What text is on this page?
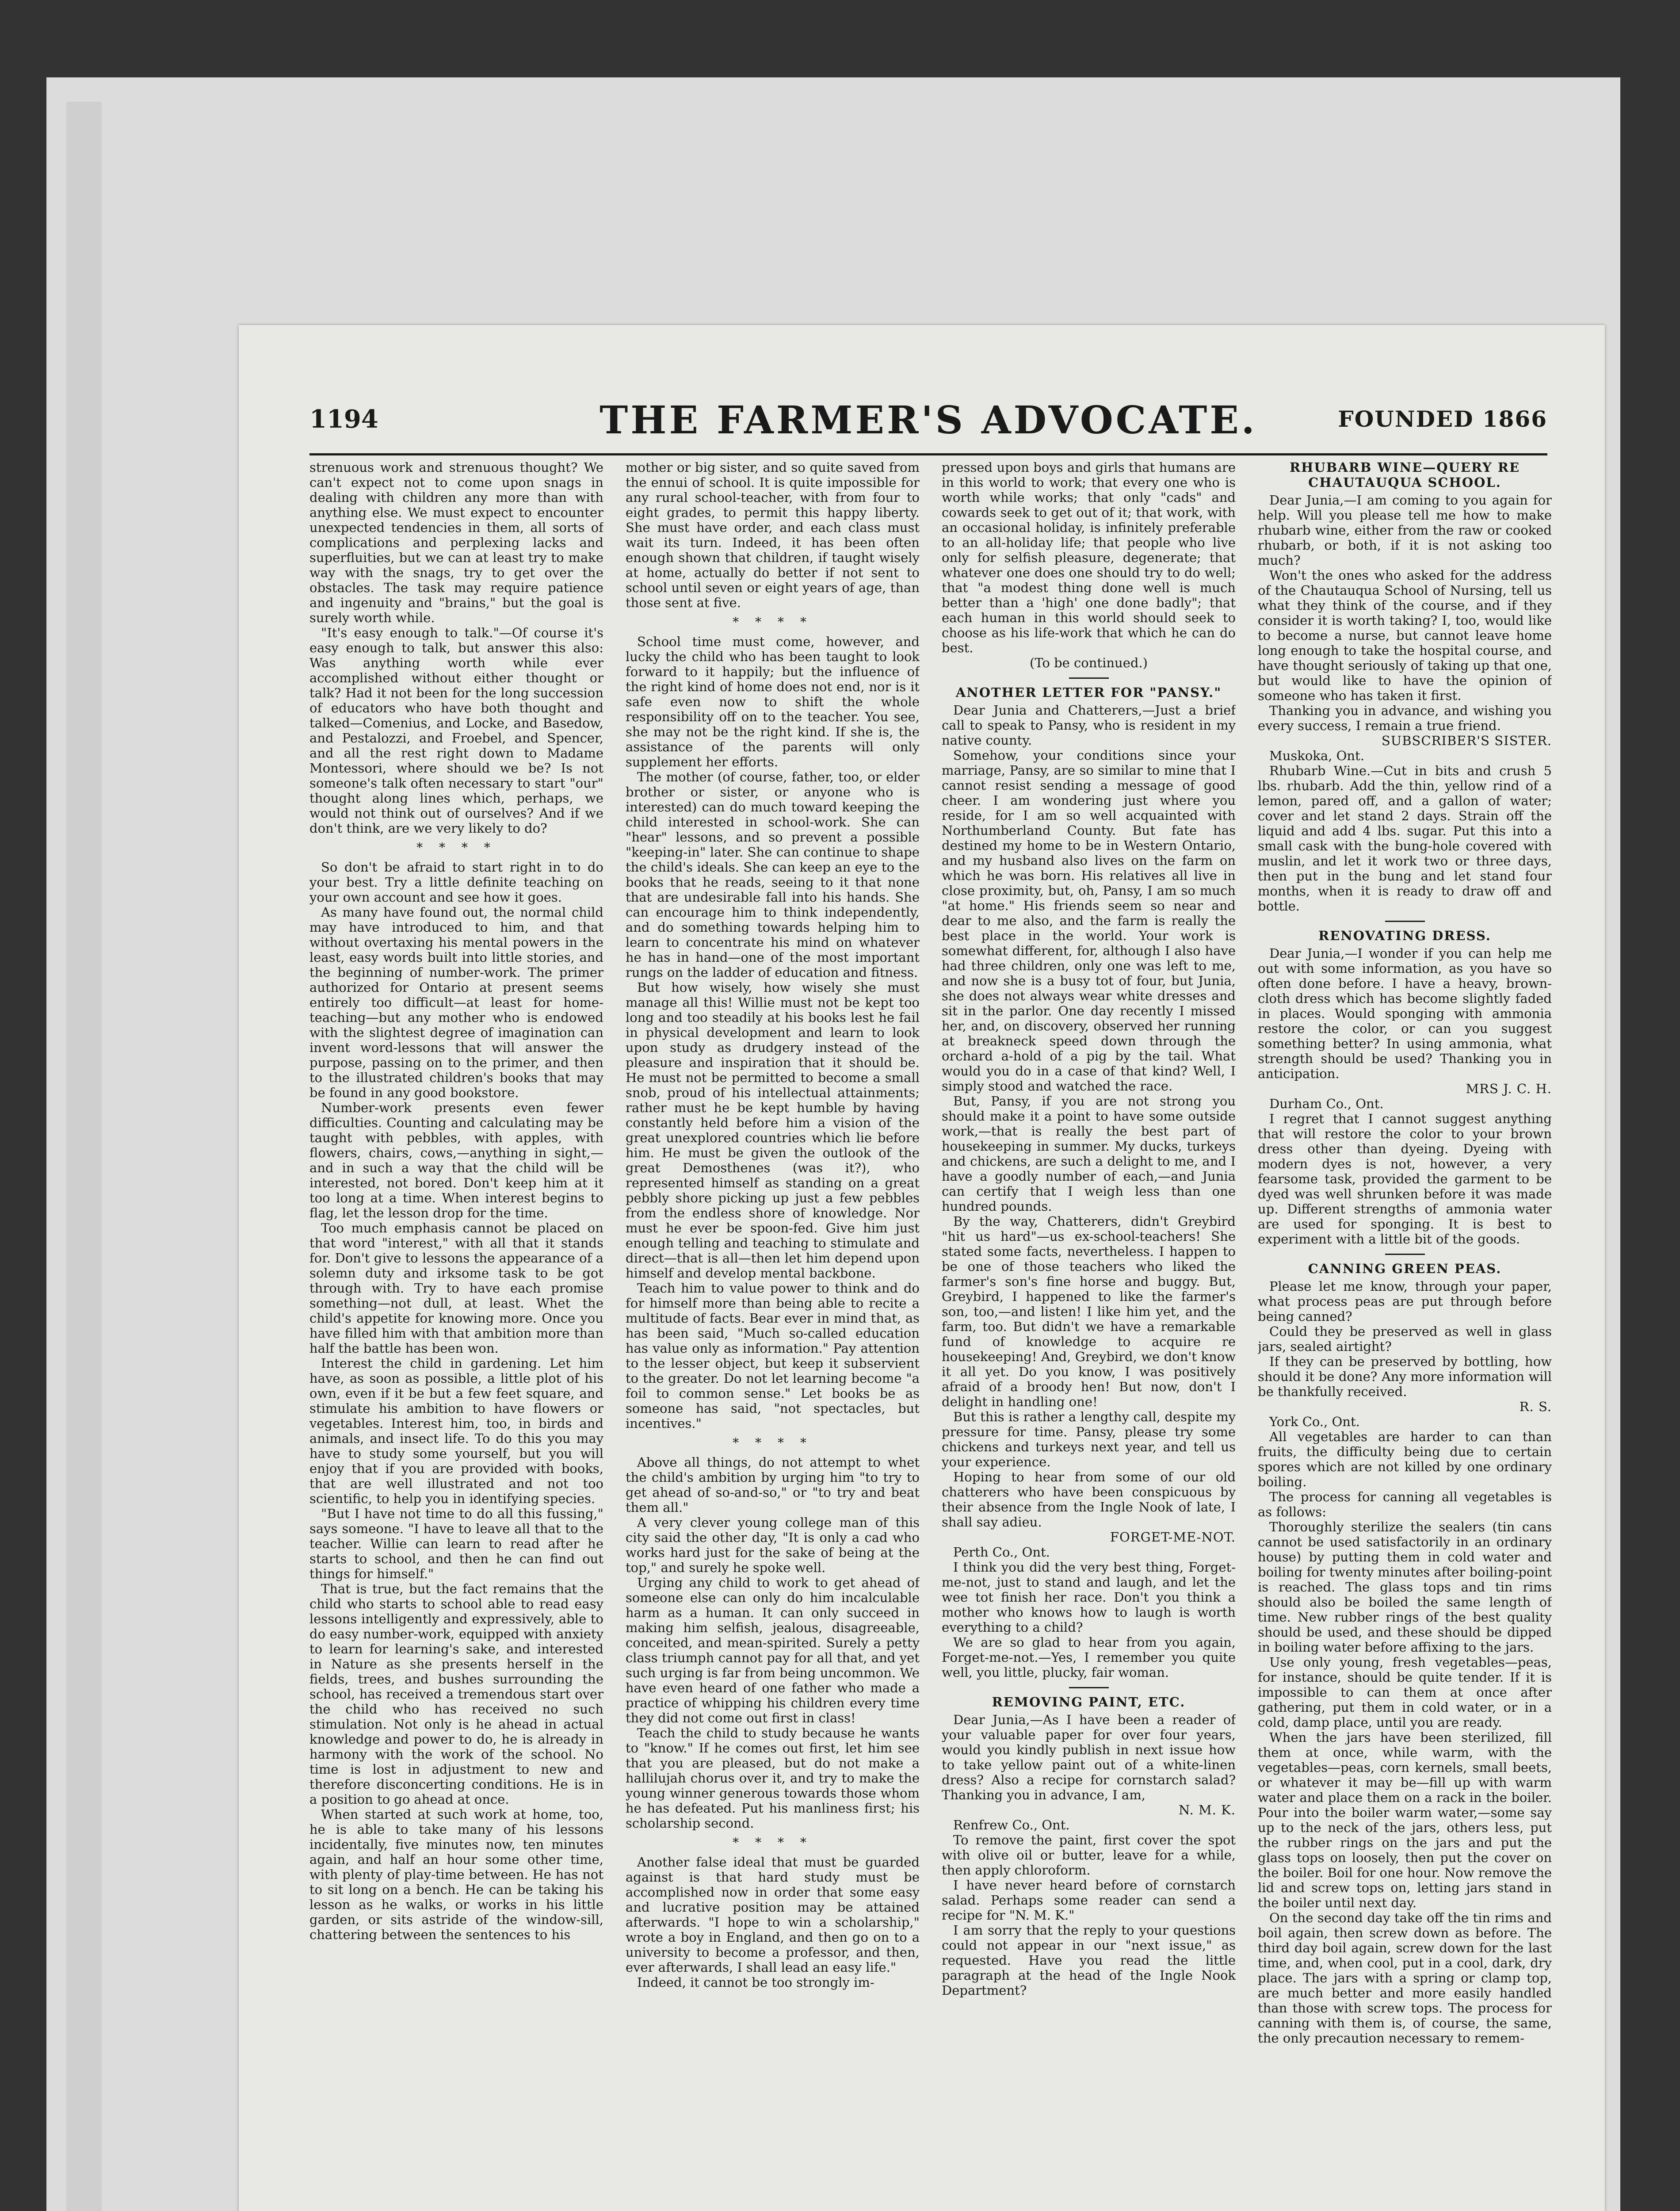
1194	THE FARMER'S ADVOCATE.	FOUNDED 1866

strenuous work and strenuous thought? We can't expect not to come upon snags in dealing with children any more than with anything else. We must expect to encounter unexpected tendencies in them, all sorts of complications and perplexing lacks and superfluities, but we can at least try to make way with the snags, try to get over the obstacles. The task may require patience and ingenuity and "brains," but the goal is surely worth while.

"It's easy enough to talk."—Of course it's easy enough to talk, but answer this also: Was anything worth while ever accomplished without either thought or talk? Had it not been for the long succession of educators who have both thought and talked—Comenius, and Locke, and Basedow, and Pestalozzi, and Froebel, and Spencer, and all the rest right down to Madame Montessori, where should we be? Is not someone's talk often necessary to start "our" thought along lines which, perhaps, we would not think out of ourselves? And if we don't think, are we very likely to do?

* * * *

So don't be afraid to start right in to do your best. Try a little definite teaching on your own account and see how it goes.

As many have found out, the normal child may have introduced to him, and that without overtaxing his mental powers in the least, easy words built into little stories, and the beginning of number-work. The primer authorized for Ontario at present seems entirely too difficult—at least for home-teaching—but any mother who is endowed with the slightest degree of imagination can invent word-lessons that will answer the purpose, passing on to the primer, and then to the illustrated children's books that may be found in any good bookstore.

Number-work presents even fewer difficulties. Counting and calculating may be taught with pebbles, with apples, with flowers, chairs, cows,—anything in sight,—and in such a way that the child will be interested, not bored. Don't keep him at it too long at a time. When interest begins to flag, let the lesson drop for the time.

Too much emphasis cannot be placed on that word "interest," with all that it stands for. Don't give to lessons the appearance of a solemn duty and irksome task to be got through with. Try to have each promise something—not dull, at least. Whet the child's appetite for knowing more. Once you have filled him with that ambition more than half the battle has been won.

Interest the child in gardening. Let him have, as soon as possible, a little plot of his own, even if it be but a few feet square, and stimulate his ambition to have flowers or vegetables. Interest him, too, in birds and animals, and insect life. To do this you may have to study some yourself, but you will enjoy that if you are provided with books, that are well illustrated and not too scientific, to help you in identifying species.

"But I have not time to do all this fussing," says someone. "I have to leave all that to the teacher. Willie can learn to read after he starts to school, and then he can find out things for himself."

That is true, but the fact remains that the child who starts to school able to read easy lessons intelligently and expressively, able to do easy number-work, equipped with anxiety to learn for learning's sake, and interested in Nature as she presents herself in the fields, trees, and bushes surrounding the school, has received a tremendous start over the child who has received no such stimulation. Not only is he ahead in actual knowledge and power to do, he is already in harmony with the work of the school. No time is lost in adjustment to new and therefore disconcerting conditions. He is in a position to go ahead at once.

When started at such work at home, too, he is able to take many of his lessons incidentally, five minutes now, ten minutes again, and half an hour some other time, with plenty of play-time between. He has not to sit long on a bench. He can be taking his lesson as he walks, or works in his little garden, or sits astride of the window-sill, chattering between the sentences to his

mother or big sister, and so quite saved from the ennui of school. It is quite impossible for any rural school-teacher, with from four to eight grades, to permit this happy liberty. She must have order, and each class must wait its turn. Indeed, it has been often enough shown that children, if taught wisely at home, actually do better if not sent to school until seven or eight years of age, than those sent at five.

* * * *

School time must come, however, and lucky the child who has been taught to look forward to it happily; but the influence of the right kind of home does not end, nor is it safe even now to shift the whole responsibility off on to the teacher. You see, she may not be the right kind. If she is, the assistance of the parents will only supplement her efforts.

The mother (of course, father, too, or elder brother or sister, or anyone who is interested) can do much toward keeping the child interested in school-work. She can "hear" lessons, and so prevent a possible "keeping-in" later. She can continue to shape the child's ideals. She can keep an eye to the books that he reads, seeing to it that none that are undesirable fall into his hands. She can encourage him to think independently, and do something towards helping him to learn to concentrate his mind on whatever he has in hand—one of the most important rungs on the ladder of education and fitness.

But how wisely, how wisely she must manage all this! Willie must not be kept too long and too steadily at his books lest he fail in physical development and learn to look upon study as drudgery instead of the pleasure and inspiration that it should be. He must not be permitted to become a small snob, proud of his intellectual attainments; rather must he be kept humble by having constantly held before him a vision of the great unexplored countries which lie before him. He must be given the outlook of the great Demosthenes (was it?), who represented himself as standing on a great pebbly shore picking up just a few pebbles from the endless shore of knowledge. Nor must he ever be spoon-fed. Give him just enough telling and teaching to stimulate and direct—that is all—then let him depend upon himself and develop mental backbone.

Teach him to value power to think and do for himself more than being able to recite a multitude of facts. Bear ever in mind that, as has been said, "Much so-called education has value only as information." Pay attention to the lesser object, but keep it subservient to the greater. Do not let learning become "a foil to common sense." Let books be as someone has said, "not spectacles, but incentives."

* * * *

Above all things, do not attempt to whet the child's ambition by urging him "to try to get ahead of so-and-so," or "to try and beat them all."

A very clever young college man of this city said the other day, "It is only a cad who works hard just for the sake of being at the top," and surely he spoke well.

Urging any child to work to get ahead of someone else can only do him incalculable harm as a human. It can only succeed in making him selfish, jealous, disagreeable, conceited, and mean-spirited. Surely a petty class triumph cannot pay for all that, and yet such urging is far from being uncommon. We have even heard of one father who made a practice of whipping his children every time they did not come out first in class!

Teach the child to study because he wants to "know." If he comes out first, let him see that you are pleased, but do not make a hallilujah chorus over it, and try to make the young winner generous towards those whom he has defeated. Put his manliness first; his scholarship second.

* * * *

Another false ideal that must be guarded against is that hard study must be accomplished now in order that some easy and lucrative position may be attained afterwards. "I hope to win a scholarship," wrote a boy in England, and then go on to a university to become a professor, and then, ever afterwards, I shall lead an easy life."

Indeed, it cannot be too strongly im-

pressed upon boys and girls that humans are in this world to work; that every one who is worth while works; that only "cads" and cowards seek to get out of it; that work, with an occasional holiday, is infinitely preferable to an all-holiday life; that people who live only for selfish pleasure, degenerate; that whatever one does one should try to do well; that "a modest thing done well is much better than a 'high' one done badly"; that each human in this world should seek to choose as his life-work that which he can do best.

(To be continued.)

ANOTHER LETTER FOR "PANSY."

Dear Junia and Chatterers,—Just a brief call to speak to Pansy, who is resident in my native county.

Somehow, your conditions since your marriage, Pansy, are so similar to mine that I cannot resist sending a message of good cheer. I am wondering just where you reside, for I am so well acquainted with Northumberland County. But fate has destined my home to be in Western Ontario, and my husband also lives on the farm on which he was born. His relatives all live in close proximity, but, oh, Pansy, I am so much "at home." His friends seem so near and dear to me also, and the farm is really the best place in the world. Your work is somewhat different, for, although I also have had three children, only one was left to me, and now she is a busy tot of four, but Junia, she does not always wear white dresses and sit in the parlor. One day recently I missed her, and, on discovery, observed her running at breakneck speed down through the orchard a-hold of a pig by the tail. What would you do in a case of that kind? Well, I simply stood and watched the race.

But, Pansy, if you are not strong you should make it a point to have some outside work,—that is really the best part of housekeeping in summer. My ducks, turkeys and chickens, are such a delight to me, and I have a goodly number of each,—and Junia can certify that I weigh less than one hundred pounds.

By the way, Chatterers, didn't Greybird "hit us hard"—us ex-school-teachers! She stated some facts, nevertheless. I happen to be one of those teachers who liked the farmer's son's fine horse and buggy. But, Greybird, I happened to like the farmer's son, too,—and listen! I like him yet, and the farm, too. But didn't we have a remarkable fund of knowledge to acquire re housekeeping! And, Greybird, we don't know it all yet. Do you know, I was positively afraid of a broody hen! But now, don't I delight in handling one!

But this is rather a lengthy call, despite my pressure for time. Pansy, please try some chickens and turkeys next year, and tell us your experience.

Hoping to hear from some of our old chatterers who have been conspicuous by their absence from the Ingle Nook of late, I shall say adieu.

FORGET-ME-NOT.

Perth Co., Ont.

I think you did the very best thing, Forget-me-not, just to stand and laugh, and let the wee tot finish her race. Don't you think a mother who knows how to laugh is worth everything to a child?

We are so glad to hear from you again, Forget-me-not.—Yes, I remember you quite well, you little, plucky, fair woman.

REMOVING PAINT, ETC.

Dear Junia,—As I have been a reader of your valuable paper for over four years, would you kindly publish in next issue how to take yellow paint out of a white-linen dress? Also a recipe for cornstarch salad? Thanking you in advance, I am,

N. M. K.

Renfrew Co., Ont.

To remove the paint, first cover the spot with olive oil or butter, leave for a while, then apply chloroform.

I have never heard before of cornstarch salad. Perhaps some reader can send a recipe for "N. M. K."

I am sorry that the reply to your questions could not appear in our "next issue," as requested. Have you read the little paragraph at the head of the Ingle Nook Department?

RHUBARB WINE—QUERY RE CHAUTAUQUA SCHOOL.

Dear Junia,—I am coming to you again for help. Will you please tell me how to make rhubarb wine, either from the raw or cooked rhubarb, or both, if it is not asking too much?

Won't the ones who asked for the address of the Chautauqua School of Nursing, tell us what they think of the course, and if they consider it is worth taking? I, too, would like to become a nurse, but cannot leave home long enough to take the hospital course, and have thought seriously of taking up that one, but would like to have the opinion of someone who has taken it first.

Thanking you in advance, and wishing you every success, I remain a true friend.

SUBSCRIBER'S SISTER.

Muskoka, Ont.

Rhubarb Wine.—Cut in bits and crush 5 lbs. rhubarb. Add the thin, yellow rind of a lemon, pared off, and a gallon of water; cover and let stand 2 days. Strain off the liquid and add 4 lbs. sugar. Put this into a small cask with the bung-hole covered with muslin, and let it work two or three days, then put in the bung and let stand four months, when it is ready to draw off and bottle.

RENOVATING DRESS.

Dear Junia,—I wonder if you can help me out with some information, as you have so often done before. I have a heavy, brown-cloth dress which has become slightly faded in places. Would sponging with ammonia restore the color, or can you suggest something better? In using ammonia, what strength should be used? Thanking you in anticipation.

MRS J. C. H.

Durham Co., Ont.

I regret that I cannot suggest anything that will restore the color to your brown dress other than dyeing. Dyeing with modern dyes is not, however, a very fearsome task, provided the garment to be dyed was well shrunken before it was made up. Different strengths of ammonia water are used for sponging. It is best to experiment with a little bit of the goods.

CANNING GREEN PEAS.

Please let me know, through your paper, what process peas are put through before being canned?

Could they be preserved as well in glass jars, sealed airtight?

If they can be preserved by bottling, how should it be done? Any more information will be thankfully received.

R. S.

York Co., Ont.

All vegetables are harder to can than fruits, the difficulty being due to certain spores which are not killed by one ordinary boiling.

The process for canning all vegetables is as follows:

Thoroughly sterilize the sealers (tin cans cannot be used satisfactorily in an ordinary house) by putting them in cold water and boiling for twenty minutes after boiling-point is reached. The glass tops and tin rims should also be boiled the same length of time. New rubber rings of the best quality should be used, and these should be dipped in boiling water before affixing to the jars.

Use only young, fresh vegetables—peas, for instance, should be quite tender. If it is impossible to can them at once after gathering, put them in cold water, or in a cold, damp place, until you are ready.

When the jars have been sterilized, fill them at once, while warm, with the vegetables—peas, corn kernels, small beets, or whatever it may be—fill up with warm water and place them on a rack in the boiler. Pour into the boiler warm water,—some say up to the neck of the jars, others less, put the rubber rings on the jars and put the glass tops on loosely, then put the cover on the boiler. Boil for one hour. Now remove the lid and screw tops on, letting jars stand in the boiler until next day.

On the second day take off the tin rims and boil again, then screw down as before. The third day boil again, screw down for the last time, and, when cool, put in a cool, dark, dry place. The jars with a spring or clamp top, are much better and more easily handled than those with screw tops. The process for canning with them is, of course, the same, the only precaution necessary to remem-
